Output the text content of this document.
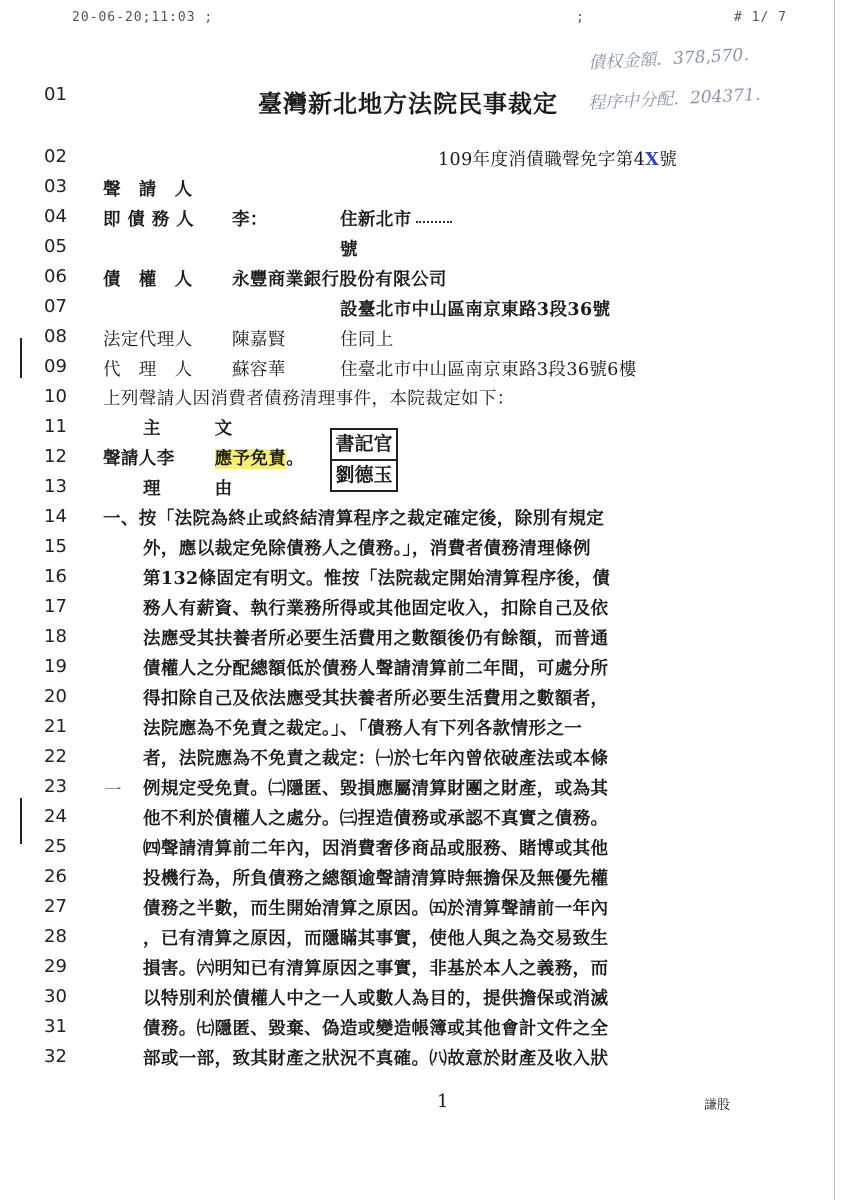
20-06-20;11:03 ;	;	# 1/ 7
債权金額．378,570．
程序中分配．204371．
01
02
03
04
05
06
07
08
09
10
11
12
13
14
15
16
17
18
19
20
21
22
23
24
25
26
27
28
29
30
31
32
臺灣新北地方法院民事裁定
109年度消債職聲免字第4X號
聲　請　人
即 債 務 人 李：	住新北市
號
債　權　人 永豐商業銀行股份有限公司
設臺北市中山區南京東路3段36號
法定代理人 陳嘉賢	住同上
代　理　人 蘇容華	住臺北市中山區南京東路3段36號6樓
上列聲請人因消費者債務清理事件，本院裁定如下：
主　　　文
聲請人李 應予免責。
書記官
劉德玉
理　　　由
一、按「法院為終止或終結清算程序之裁定確定後，除別有規定
外，應以裁定免除債務人之債務。」，消費者債務清理條例
第132條固定有明文。惟按「法院裁定開始清算程序後，債
務人有薪資、執行業務所得或其他固定收入，扣除自己及依
法應受其扶養者所必要生活費用之數額後仍有餘額，而普通
債權人之分配總額低於債務人聲請清算前二年間，可處分所
得扣除自己及依法應受其扶養者所必要生活費用之數額者，
法院應為不免責之裁定。」、「債務人有下列各款情形之一
者，法院應為不免責之裁定：㈠於七年內曾依破產法或本條
例規定受免責。㈡隱匿、毀損應屬清算財團之財產，或為其
他不利於債權人之處分。㈢捏造債務或承認不真實之債務。
㈣聲請清算前二年內，因消費奢侈商品或服務、賭博或其他
投機行為，所負債務之總額逾聲請清算時無擔保及無優先權
債務之半數，而生開始清算之原因。㈤於清算聲請前一年內
，已有清算之原因，而隱瞞其事實，使他人與之為交易致生
損害。㈥明知已有清算原因之事實，非基於本人之義務，而
以特別利於債權人中之一人或數人為目的，提供擔保或消滅
債務。㈦隱匿、毀棄、偽造或變造帳簿或其他會計文件之全
部或一部，致其財產之狀況不真確。㈧故意於財產及收入狀
一
1	謙股
